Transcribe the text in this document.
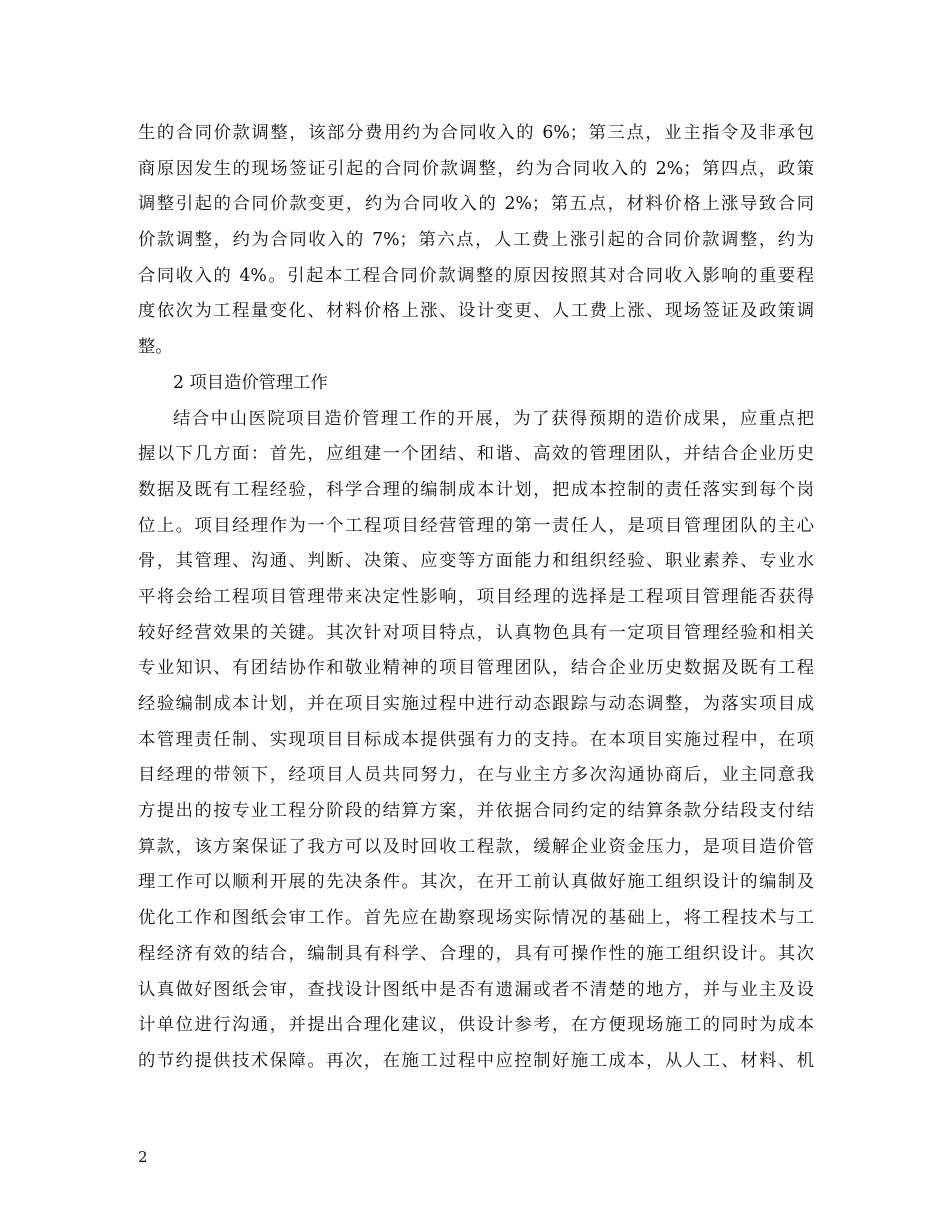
生的合同价款调整，该部分费用约为合同收入的 6%；第三点，业主指令及非承包
商原因发生的现场签证引起的合同价款调整，约为合同收入的 2%；第四点，政策
调整引起的合同价款变更，约为合同收入的 2%；第五点，材料价格上涨导致合同
价款调整，约为合同收入的 7%；第六点，人工费上涨引起的合同价款调整，约为
合同收入的 4%。引起本工程合同价款调整的原因按照其对合同收入影响的重要程
度依次为工程量变化、材料价格上涨、设计变更、人工费上涨、现场签证及政策调
整。
2 项目造价管理工作
结合中山医院项目造价管理工作的开展，为了获得预期的造价成果，应重点把
握以下几方面：首先，应组建一个团结、和谐、高效的管理团队，并结合企业历史
数据及既有工程经验，科学合理的编制成本计划，把成本控制的责任落实到每个岗
位上。项目经理作为一个工程项目经营管理的第一责任人，是项目管理团队的主心
骨，其管理、沟通、判断、决策、应变等方面能力和组织经验、职业素养、专业水
平将会给工程项目管理带来决定性影响，项目经理的选择是工程项目管理能否获得
较好经营效果的关键。其次针对项目特点，认真物色具有一定项目管理经验和相关
专业知识、有团结协作和敬业精神的项目管理团队，结合企业历史数据及既有工程
经验编制成本计划，并在项目实施过程中进行动态跟踪与动态调整，为落实项目成
本管理责任制、实现项目目标成本提供强有力的支持。在本项目实施过程中，在项
目经理的带领下，经项目人员共同努力，在与业主方多次沟通协商后，业主同意我
方提出的按专业工程分阶段的结算方案，并依据合同约定的结算条款分结段支付结
算款，该方案保证了我方可以及时回收工程款，缓解企业资金压力，是项目造价管
理工作可以顺利开展的先决条件。其次，在开工前认真做好施工组织设计的编制及
优化工作和图纸会审工作。首先应在勘察现场实际情况的基础上，将工程技术与工
程经济有效的结合，编制具有科学、合理的，具有可操作性的施工组织设计。其次
认真做好图纸会审，查找设计图纸中是否有遗漏或者不清楚的地方，并与业主及设
计单位进行沟通，并提出合理化建议，供设计参考，在方便现场施工的同时为成本
的节约提供技术保障。再次，在施工过程中应控制好施工成本，从人工、材料、机
2
